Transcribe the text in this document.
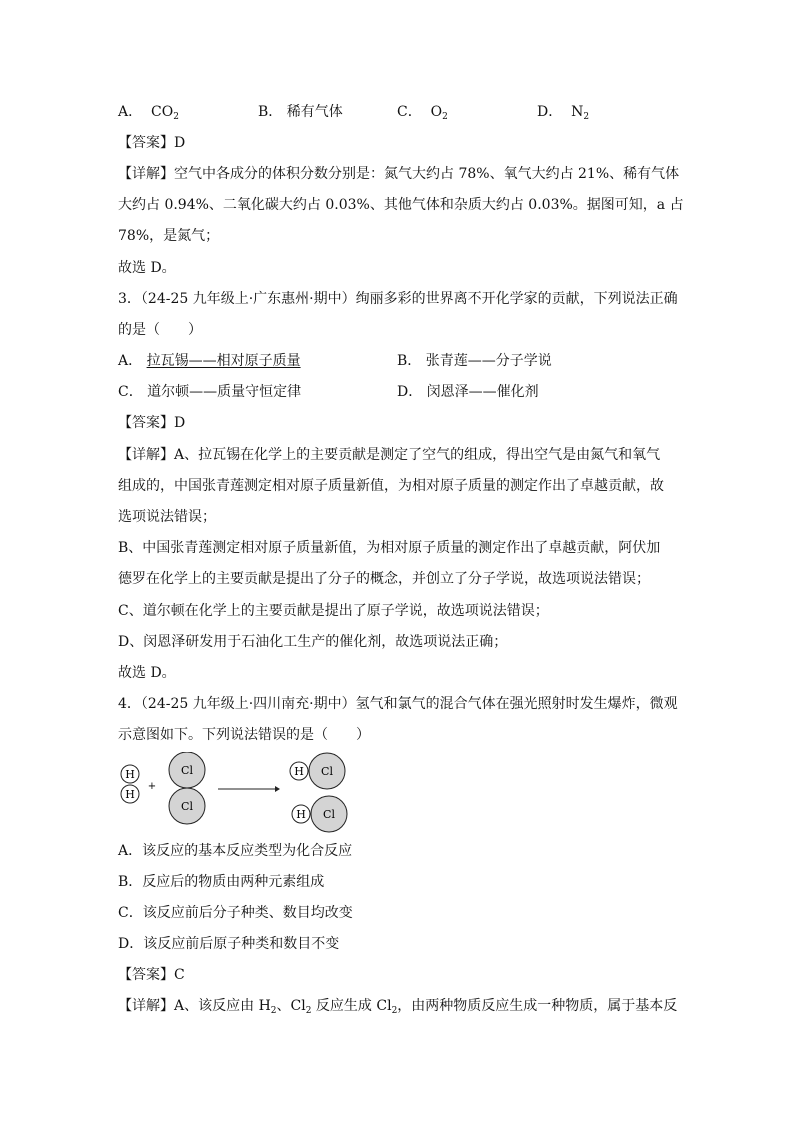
A． $CO_2$	B． 稀有气体	C． $O_2$	D． $N_2$
【答案】D
【详解】空气中各成分的体积分数分别是：氮气大约占 78%、氧气大约占 21%、稀有气体
大约占 0.94%、二氧化碳大约占 0.03%、其他气体和杂质大约占 0.03%。据图可知，a 占
78%，是氮气；
故选 D。
3．（24-25 九年级上·广东惠州·期中）绚丽多彩的世界离不开化学家的贡献，下列说法正确
的是（　　）
A． 拉瓦锡——相对原子质量	B． 张青莲——分子学说
C． 道尔顿——质量守恒定律	D． 闵恩泽——催化剂
【答案】D
【详解】A、拉瓦锡在化学上的主要贡献是测定了空气的组成，得出空气是由氮气和氧气
组成的，中国张青莲测定相对原子质量新值，为相对原子质量的测定作出了卓越贡献，故
选项说法错误；
B、中国张青莲测定相对原子质量新值，为相对原子质量的测定作出了卓越贡献，阿伏加
德罗在化学上的主要贡献是提出了分子的概念，并创立了分子学说，故选项说法错误；
C、道尔顿在化学上的主要贡献是提出了原子学说，故选项说法错误；
D、闵恩泽研发用于石油化工生产的催化剂，故选项说法正确；
故选 D。
4．（24-25 九年级上·四川南充·期中）氢气和氯气的混合气体在强光照射时发生爆炸，微观
示意图如下。下列说法错误的是（　　）
H
H
+
Cl
Cl
H Cl
H Cl
A．该反应的基本反应类型为化合反应
B．反应后的物质由两种元素组成
C．该反应前后分子种类、数目均改变
D．该反应前后原子种类和数目不变
【答案】C
【详解】A、该反应由 $H_2$、$Cl_2$ 反应生成 $Cl_2$，由两种物质反应生成一种物质，属于基本反
